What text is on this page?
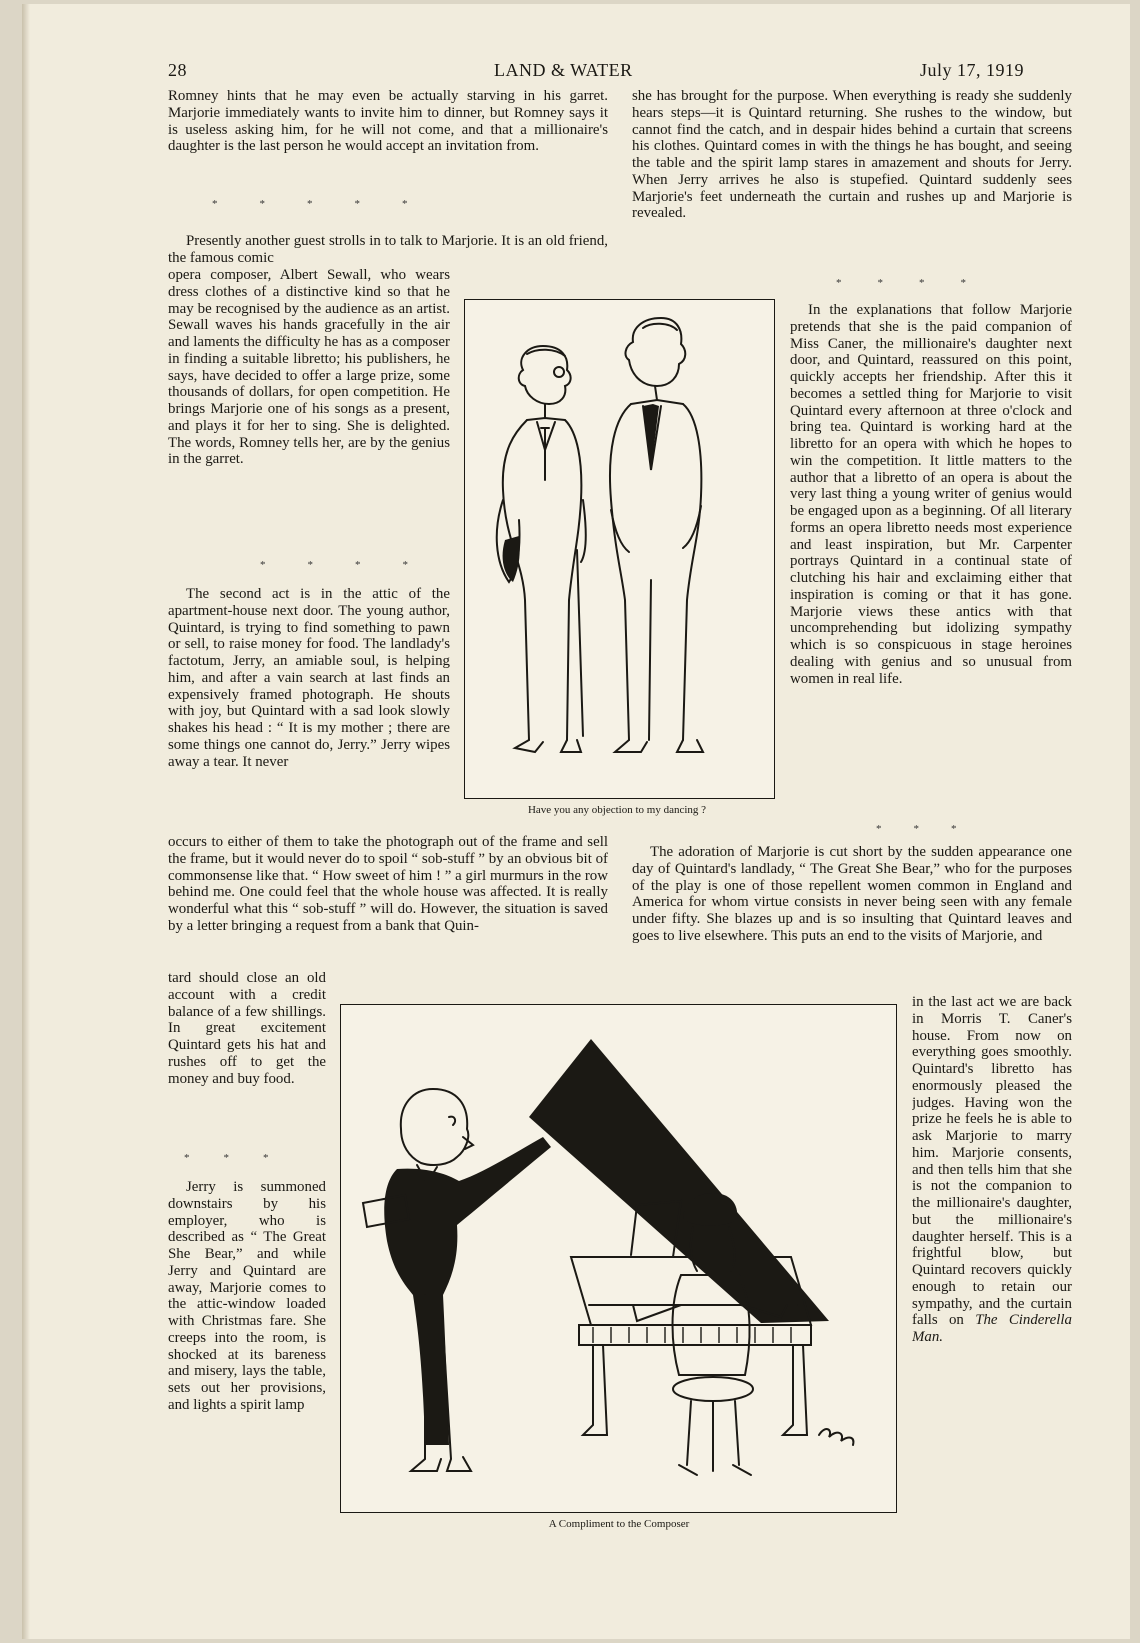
28	LAND & WATER	July 17, 1919

Romney hints that he may even be actually starving in his garret. Marjorie immediately wants to invite him to dinner, but Romney says it is useless asking him, for he will not come, and that a millionaire's daughter is the last person he would accept an invitation from.

*****

Presently another guest strolls in to talk to Marjorie. It is an old friend, the famous comic

opera composer, Albert Sewall, who wears dress clothes of a distinctive kind so that he may be recognised by the audience as an artist. Sewall waves his hands gracefully in the air and laments the difficulty he has as a composer in finding a suitable libretto; his publishers, he says, have decided to offer a large prize, some thousands of dollars, for open competition. He brings Marjorie one of his songs as a present, and plays it for her to sing. She is delighted. The words, Romney tells her, are by the genius in the garret.

****

The second act is in the attic of the apartment-house next door. The young author, Quintard, is trying to find something to pawn or sell, to raise money for food. The landlady's factotum, Jerry, an amiable soul, is helping him, and after a vain search at last finds an expensively framed photograph. He shouts with joy, but Quintard with a sad look slowly shakes his head : “ It is my mother ; there are some things one cannot do, Jerry.” Jerry wipes away a tear. It never

occurs to either of them to take the photograph out of the frame and sell the frame, but it would never do to spoil “ sob-stuff ” by an obvious bit of commonsense like that. “ How sweet of him ! ” a girl murmurs in the row behind me. One could feel that the whole house was affected. It is really wonderful what this “ sob-stuff ” will do. However, the situation is saved by a letter bringing a request from a bank that Quin-

tard should close an old account with a credit balance of a few shillings. In great excitement Quintard gets his hat and rushes off to get the money and buy food.

***

Jerry is summoned downstairs by his employer, who is described as “ The Great She Bear,” and while Jerry and Quintard are away, Marjorie comes to the attic-window loaded with Christmas fare. She creeps into the room, is shocked at its bareness and misery, lays the table, sets out her provisions, and lights a spirit lamp

she has brought for the purpose. When everything is ready she suddenly hears steps—it is Quintard returning. She rushes to the window, but cannot find the catch, and in despair hides behind a curtain that screens his clothes. Quintard comes in with the things he has bought, and seeing the table and the spirit lamp stares in amazement and shouts for Jerry. When Jerry arrives he also is stupefied. Quintard suddenly sees Marjorie's feet underneath the curtain and rushes up and Marjorie is revealed.

****

In the explanations that follow Marjorie pretends that she is the paid companion of Miss Caner, the millionaire's daughter next door, and Quintard, reassured on this point, quickly accepts her friendship. After this it becomes a settled thing for Marjorie to visit Quintard every afternoon at three o'clock and bring tea. Quintard is working hard at the libretto for an opera with which he hopes to win the competition. It little matters to the author that a libretto of an opera is about the very last thing a young writer of genius would be engaged upon as a beginning. Of all literary forms an opera libretto needs most experience and least inspiration, but Mr. Carpenter portrays Quintard in a continual state of clutching his hair and exclaiming either that inspiration is coming or that it has gone. Marjorie views these antics with that uncomprehending but idolizing sympathy which is so conspicuous in stage heroines dealing with genius and so unusual from women in real life.

***

The adoration of Marjorie is cut short by the sudden appearance one day of Quintard's landlady, “ The Great She Bear,” who for the purposes of the play is one of those repellent women common in England and America for whom virtue consists in never being seen with any female under fifty. She blazes up and is so insulting that Quintard leaves and goes to live elsewhere. This puts an end to the visits of Marjorie, and

in the last act we are back in Morris T. Caner's house. From now on everything goes smoothly. Quintard's libretto has enormously pleased the judges. Having won the prize he feels he is able to ask Marjorie to marry him. Marjorie consents, and then tells him that she is not the companion to the millionaire's daughter, but the millionaire's daughter herself. This is a frightful blow, but Quintard recovers quickly enough to retain our sympathy, and the curtain falls on The Cinderella Man.

Have you any objection to my dancing ?
A Compliment to the Composer
